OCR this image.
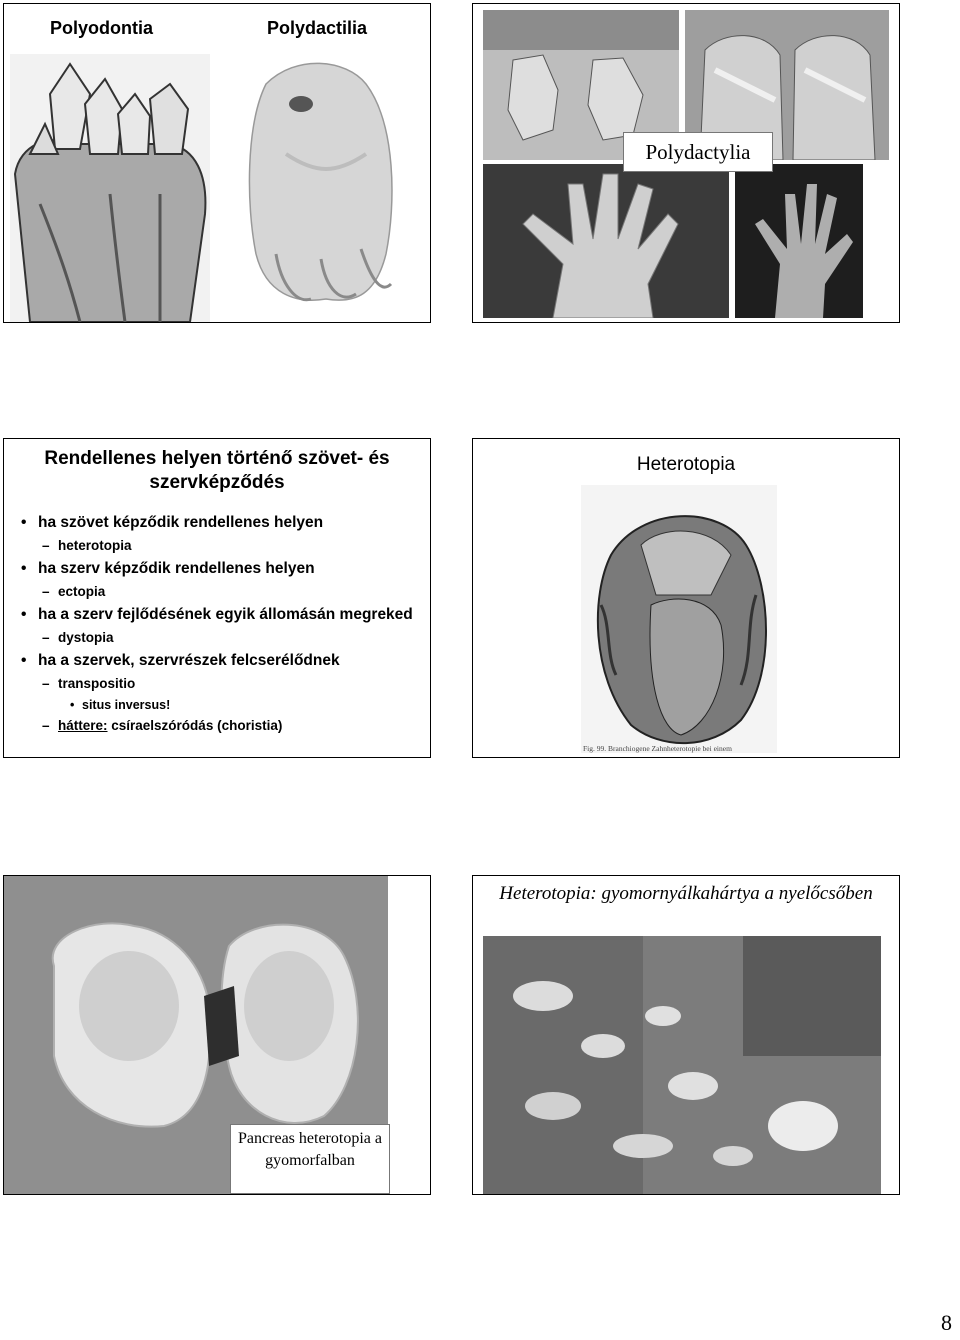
Polyodontia	Polydactilia
Polydactylia
Rendellenes helyen történő szövet- és szervképződés
• ha szövet képződik rendellenes helyen
– heterotopia
• ha szerv képződik rendellenes helyen
– ectopia
• ha a szerv fejlődésének egyik állomásán megreked
– dystopia
• ha a szervek, szervrészek felcserélődnek
– transpositio
• situs inversus!
– háttere: csíraelszóródás (choristia)
Heterotopia
Fig. 99. Branchiogene Zahnheterotopie bei einem
Pancreas heterotopia a gyomorfalban
Heterotopia: gyomornyálkahártya a nyelőcsőben
8
